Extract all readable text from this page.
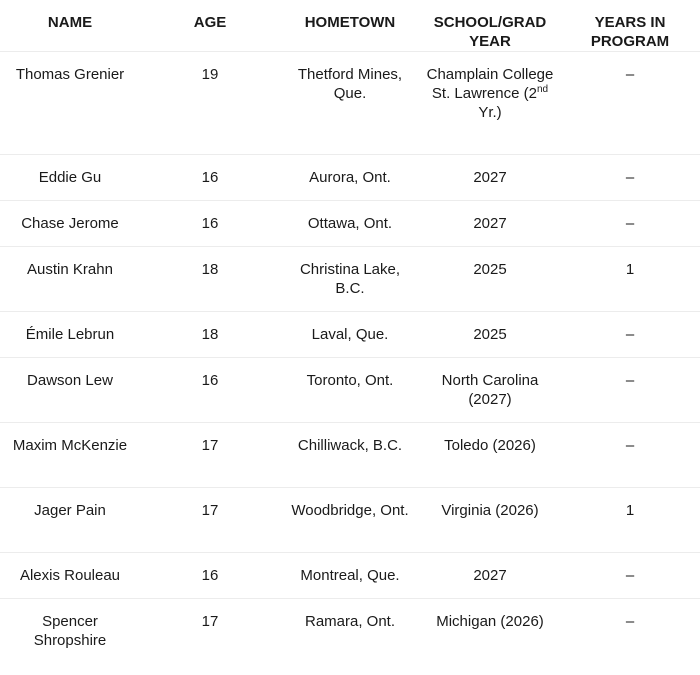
NAME	AGE	HOMETOWN	SCHOOL/GRAD YEAR	YEARS IN PROGRAM
Thomas Grenier	19	Thetford Mines, Que.	Champlain College St. Lawrence (2nd Yr.)	–
Eddie Gu	16	Aurora, Ont.	2027	–
Chase Jerome	16	Ottawa, Ont.	2027	–
Austin Krahn	18	Christina Lake, B.C.	2025	1
Émile Lebrun	18	Laval, Que.	2025	–
Dawson Lew	16	Toronto, Ont.	North Carolina (2027)	–
Maxim McKenzie	17	Chilliwack, B.C.	Toledo (2026)	–
Jager Pain	17	Woodbridge, Ont.	Virginia (2026)	1
Alexis Rouleau	16	Montreal, Que.	2027	–
Spencer Shropshire	17	Ramara, Ont.	Michigan (2026)	–
